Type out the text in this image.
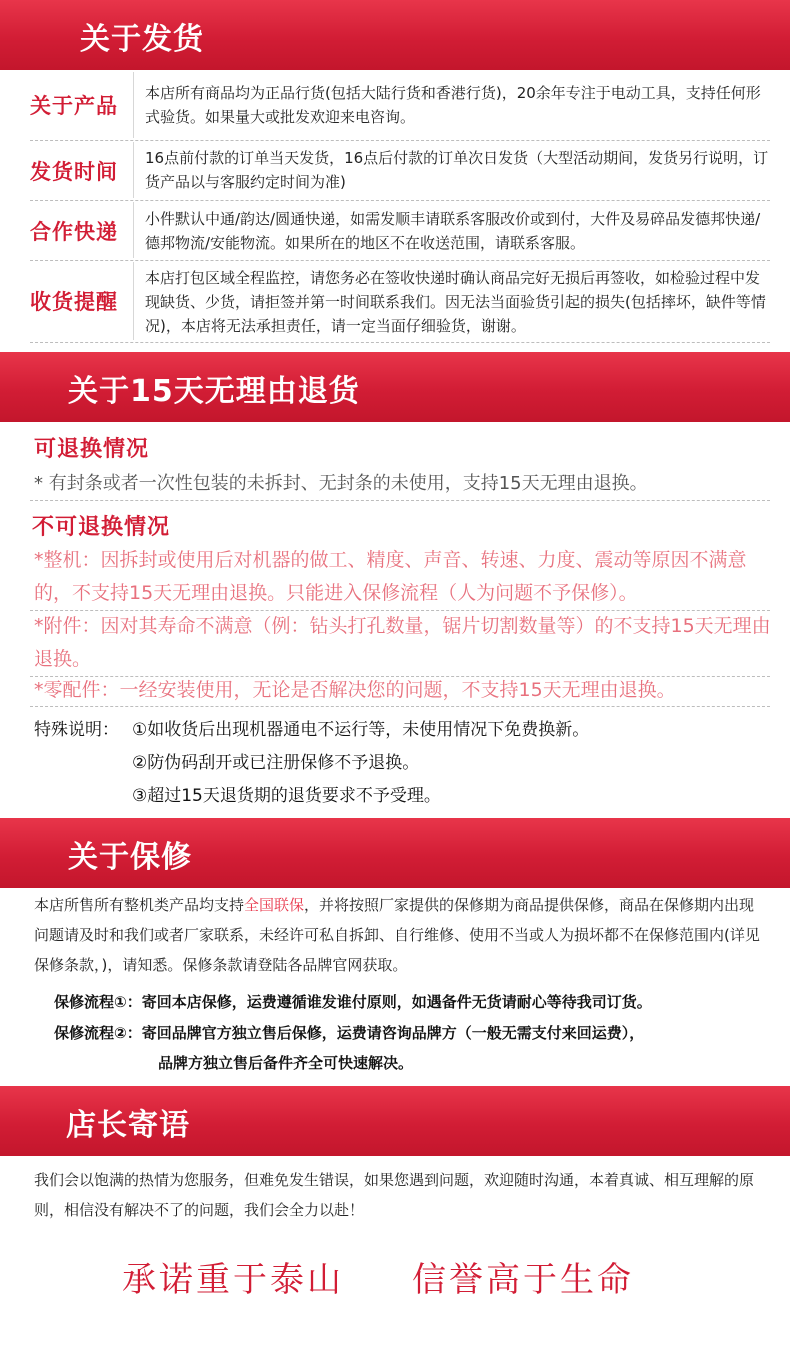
关于发货
关于产品
本店所有商品均为正品行货(包括大陆行货和香港行货)，20余年专注于电动工具，支持任何形式验货。如果量大或批发欢迎来电咨询。
发货时间
16点前付款的订单当天发货，16点后付款的订单次日发货（大型活动期间，发货另行说明，订货产品以与客服约定时间为准)
合作快递
小件默认中通/韵达/圆通快递，如需发顺丰请联系客服改价或到付，大件及易碎品发德邦快递/德邦物流/安能物流。如果所在的地区不在收送范围，请联系客服。
收货提醒
本店打包区域全程监控，请您务必在签收快递时确认商品完好无损后再签收，如检验过程中发现缺货、少货，请拒签并第一时间联系我们。因无法当面验货引起的损失(包括摔坏，缺件等情况)，本店将无法承担责任，请一定当面仔细验货，谢谢。
关于15天无理由退货
可退换情况
* 有封条或者一次性包装的未拆封、无封条的未使用，支持15天无理由退换。
不可退换情况
*整机：因拆封或使用后对机器的做工、精度、声音、转速、力度、震动等原因不满意的，不支持15天无理由退换。只能进入保修流程（人为问题不予保修）。
*附件：因对其寿命不满意（例：钻头打孔数量，锯片切割数量等）的不支持15天无理由退换。
*零配件：一经安装使用，无论是否解决您的问题，不支持15天无理由退换。
特殊说明： ①如收货后出现机器通电不运行等，未使用情况下免费换新。
②防伪码刮开或已注册保修不予退换。
③超过15天退货期的退货要求不予受理。
关于保修
本店所售所有整机类产品均支持全国联保，并将按照厂家提供的保修期为商品提供保修，商品在保修期内出现问题请及时和我们或者厂家联系，未经许可私自拆卸、自行维修、使用不当或人为损坏都不在保修范围内(详见保修条款，)，请知悉。保修条款请登陆各品牌官网获取。
保修流程①：寄回本店保修，运费遵循谁发谁付原则，如遇备件无货请耐心等待我司订货。
保修流程②：寄回品牌官方独立售后保修，运费请咨询品牌方（一般无需支付来回运费），
品牌方独立售后备件齐全可快速解决。
店长寄语
我们会以饱满的热情为您服务，但难免发生错误，如果您遇到问题，欢迎随时沟通，本着真诚、相互理解的原则，相信没有解决不了的问题，我们会全力以赴！
承诺重于泰山 信誉高于生命
